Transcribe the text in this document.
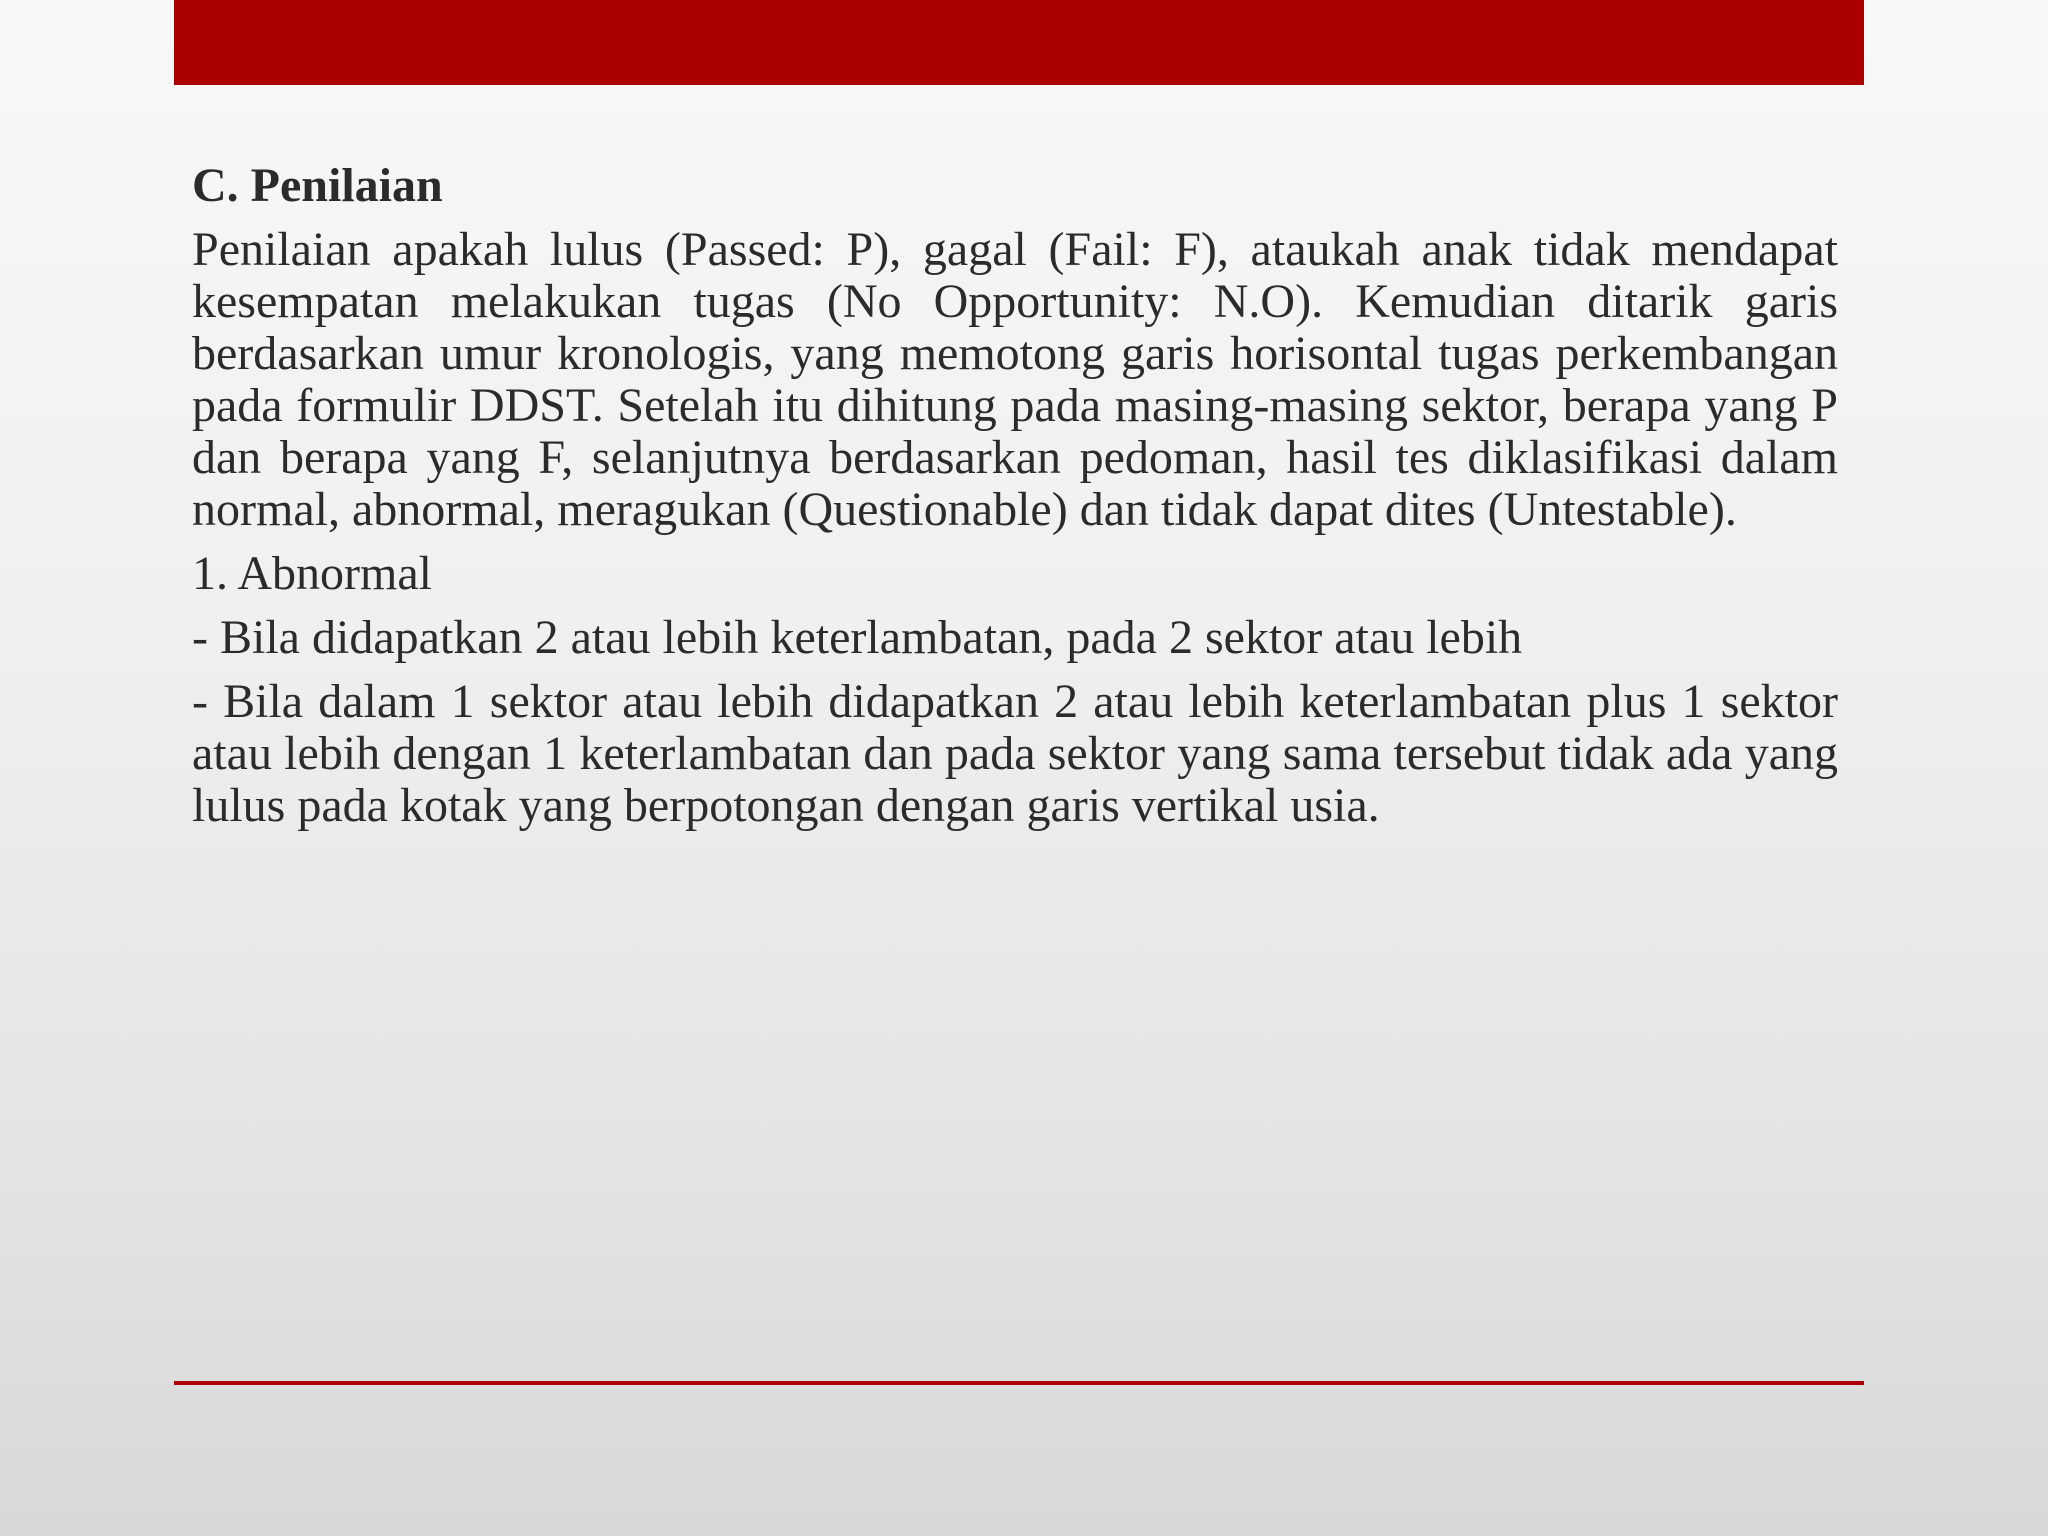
C. Penilaian

Penilaian apakah lulus (Passed: P), gagal (Fail: F), ataukah anak tidak mendapat kesempatan melakukan tugas (No Opportunity: N.O). Kemudian ditarik garis berdasarkan umur kronologis, yang memotong garis horisontal tugas perkembangan pada formulir DDST. Setelah itu dihitung pada masing-masing sektor, berapa yang P dan berapa yang F, selanjutnya berdasarkan pedoman, hasil tes diklasifikasi dalam normal, abnormal, meragukan (Questionable) dan tidak dapat dites (Untestable).

1. Abnormal

- Bila didapatkan 2 atau lebih keterlambatan, pada 2 sektor atau lebih

- Bila dalam 1 sektor atau lebih didapatkan 2 atau lebih keterlambatan plus 1 sektor atau lebih dengan 1 keterlambatan dan pada sektor yang sama tersebut tidak ada yang lulus pada kotak yang berpotongan dengan garis vertikal usia.
